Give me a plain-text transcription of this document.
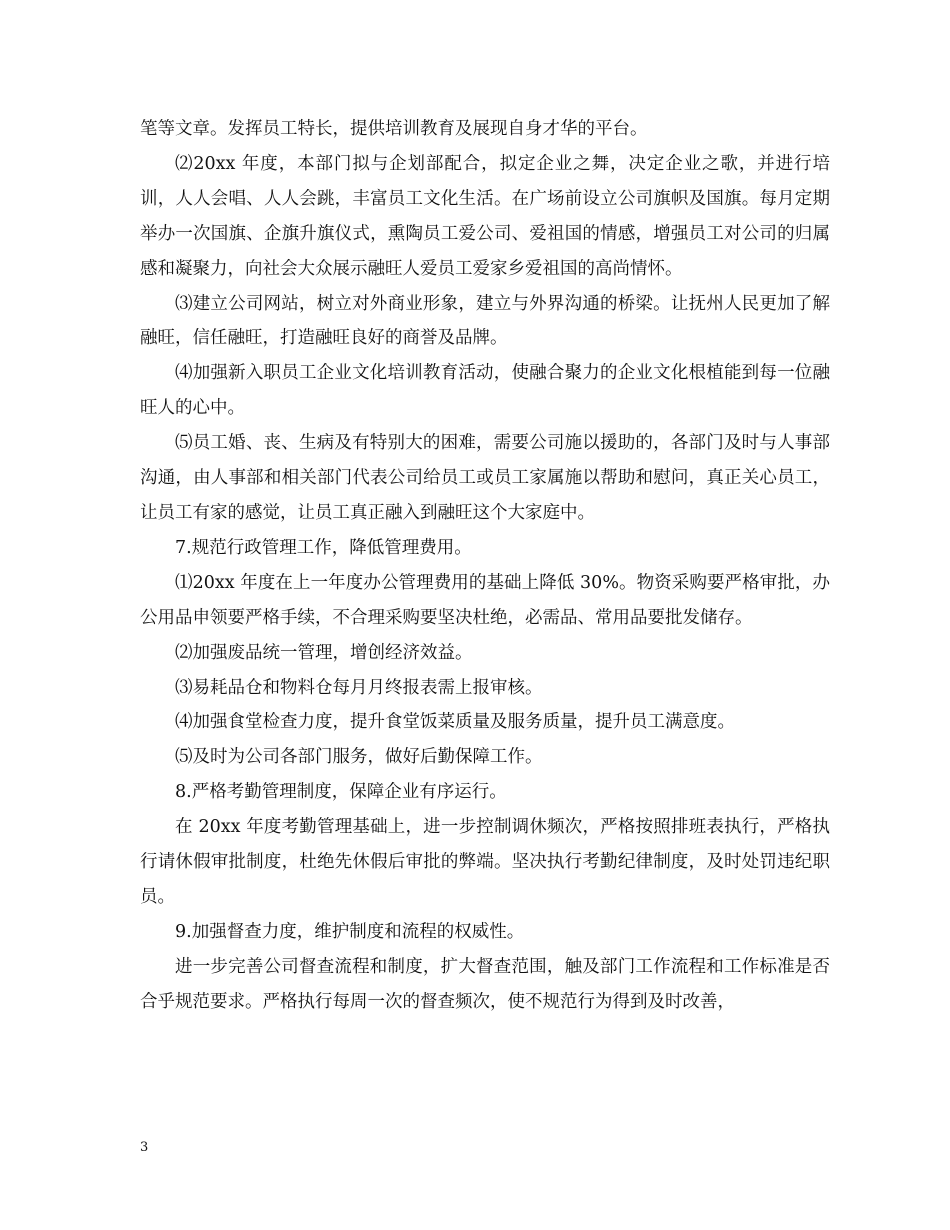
笔等文章。发挥员工特长，提供培训教育及展现自身才华的平台。

⑵20xx 年度，本部门拟与企划部配合，拟定企业之舞，决定企业之歌，并进行培训，人人会唱、人人会跳，丰富员工文化生活。在广场前设立公司旗帜及国旗。每月定期举办一次国旗、企旗升旗仪式，熏陶员工爱公司、爱祖国的情感，增强员工对公司的归属感和凝聚力，向社会大众展示融旺人爱员工爱家乡爱祖国的高尚情怀。

⑶建立公司网站，树立对外商业形象，建立与外界沟通的桥梁。让抚州人民更加了解融旺，信任融旺，打造融旺良好的商誉及品牌。

⑷加强新入职员工企业文化培训教育活动，使融合聚力的企业文化根植能到每一位融旺人的心中。

⑸员工婚、丧、生病及有特别大的困难，需要公司施以援助的，各部门及时与人事部沟通，由人事部和相关部门代表公司给员工或员工家属施以帮助和慰问，真正关心员工，让员工有家的感觉，让员工真正融入到融旺这个大家庭中。

7.规范行政管理工作，降低管理费用。

⑴20xx 年度在上一年度办公管理费用的基础上降低 30%。物资采购要严格审批，办公用品申领要严格手续，不合理采购要坚决杜绝，必需品、常用品要批发储存。

⑵加强废品统一管理，增创经济效益。

⑶易耗品仓和物料仓每月月终报表需上报审核。

⑷加强食堂检查力度，提升食堂饭菜质量及服务质量，提升员工满意度。

⑸及时为公司各部门服务，做好后勤保障工作。

8.严格考勤管理制度，保障企业有序运行。

在 20xx 年度考勤管理基础上，进一步控制调休频次，严格按照排班表执行，严格执行请休假审批制度，杜绝先休假后审批的弊端。坚决执行考勤纪律制度，及时处罚违纪职员。

9.加强督查力度，维护制度和流程的权威性。

进一步完善公司督查流程和制度，扩大督查范围，触及部门工作流程和工作标准是否合乎规范要求。严格执行每周一次的督查频次，使不规范行为得到及时改善，

3
